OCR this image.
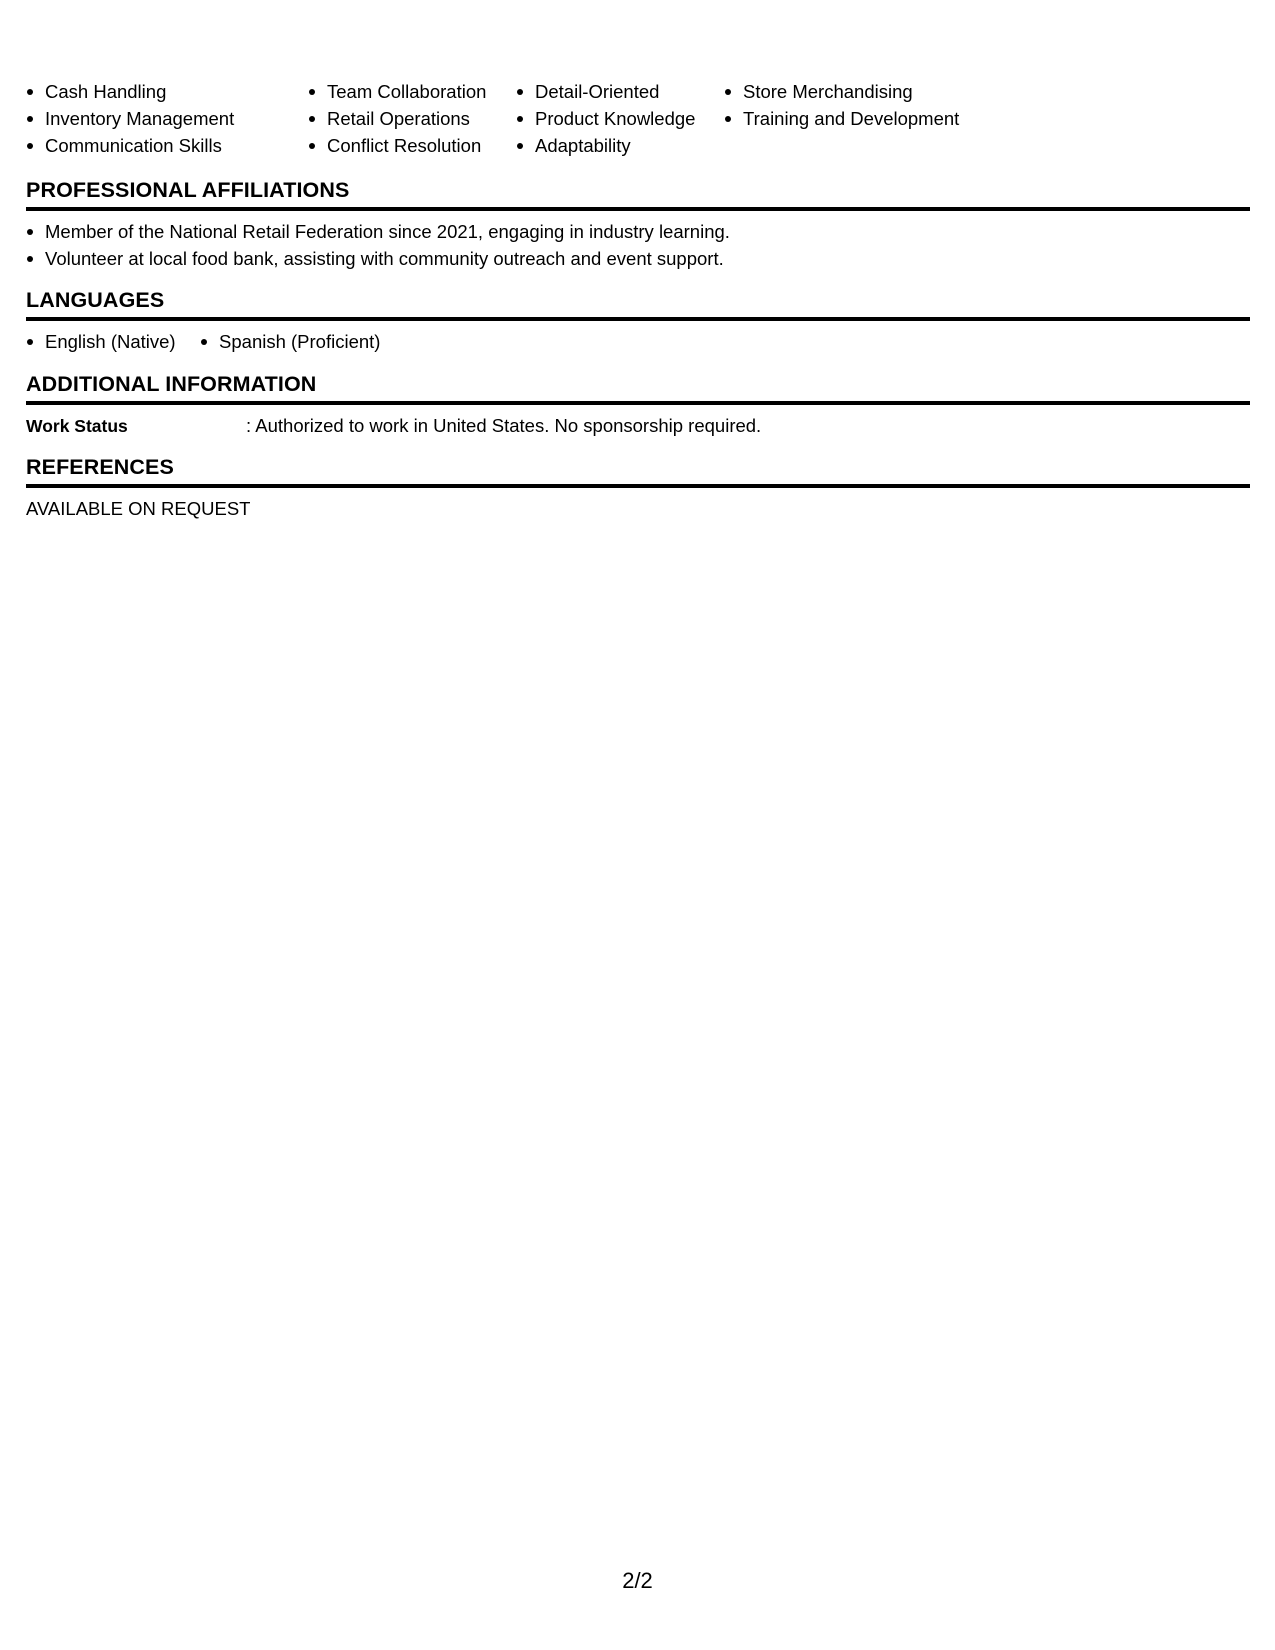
Cash Handling
Inventory Management
Communication Skills
Team Collaboration
Retail Operations
Conflict Resolution
Detail-Oriented
Product Knowledge
Adaptability
Store Merchandising
Training and Development
PROFESSIONAL AFFILIATIONS
Member of the National Retail Federation since 2021, engaging in industry learning.
Volunteer at local food bank, assisting with community outreach and event support.
LANGUAGES
English (Native) Spanish (Proficient)
ADDITIONAL INFORMATION
Work Status	: Authorized to work in United States. No sponsorship required.
REFERENCES
AVAILABLE ON REQUEST
2/2
